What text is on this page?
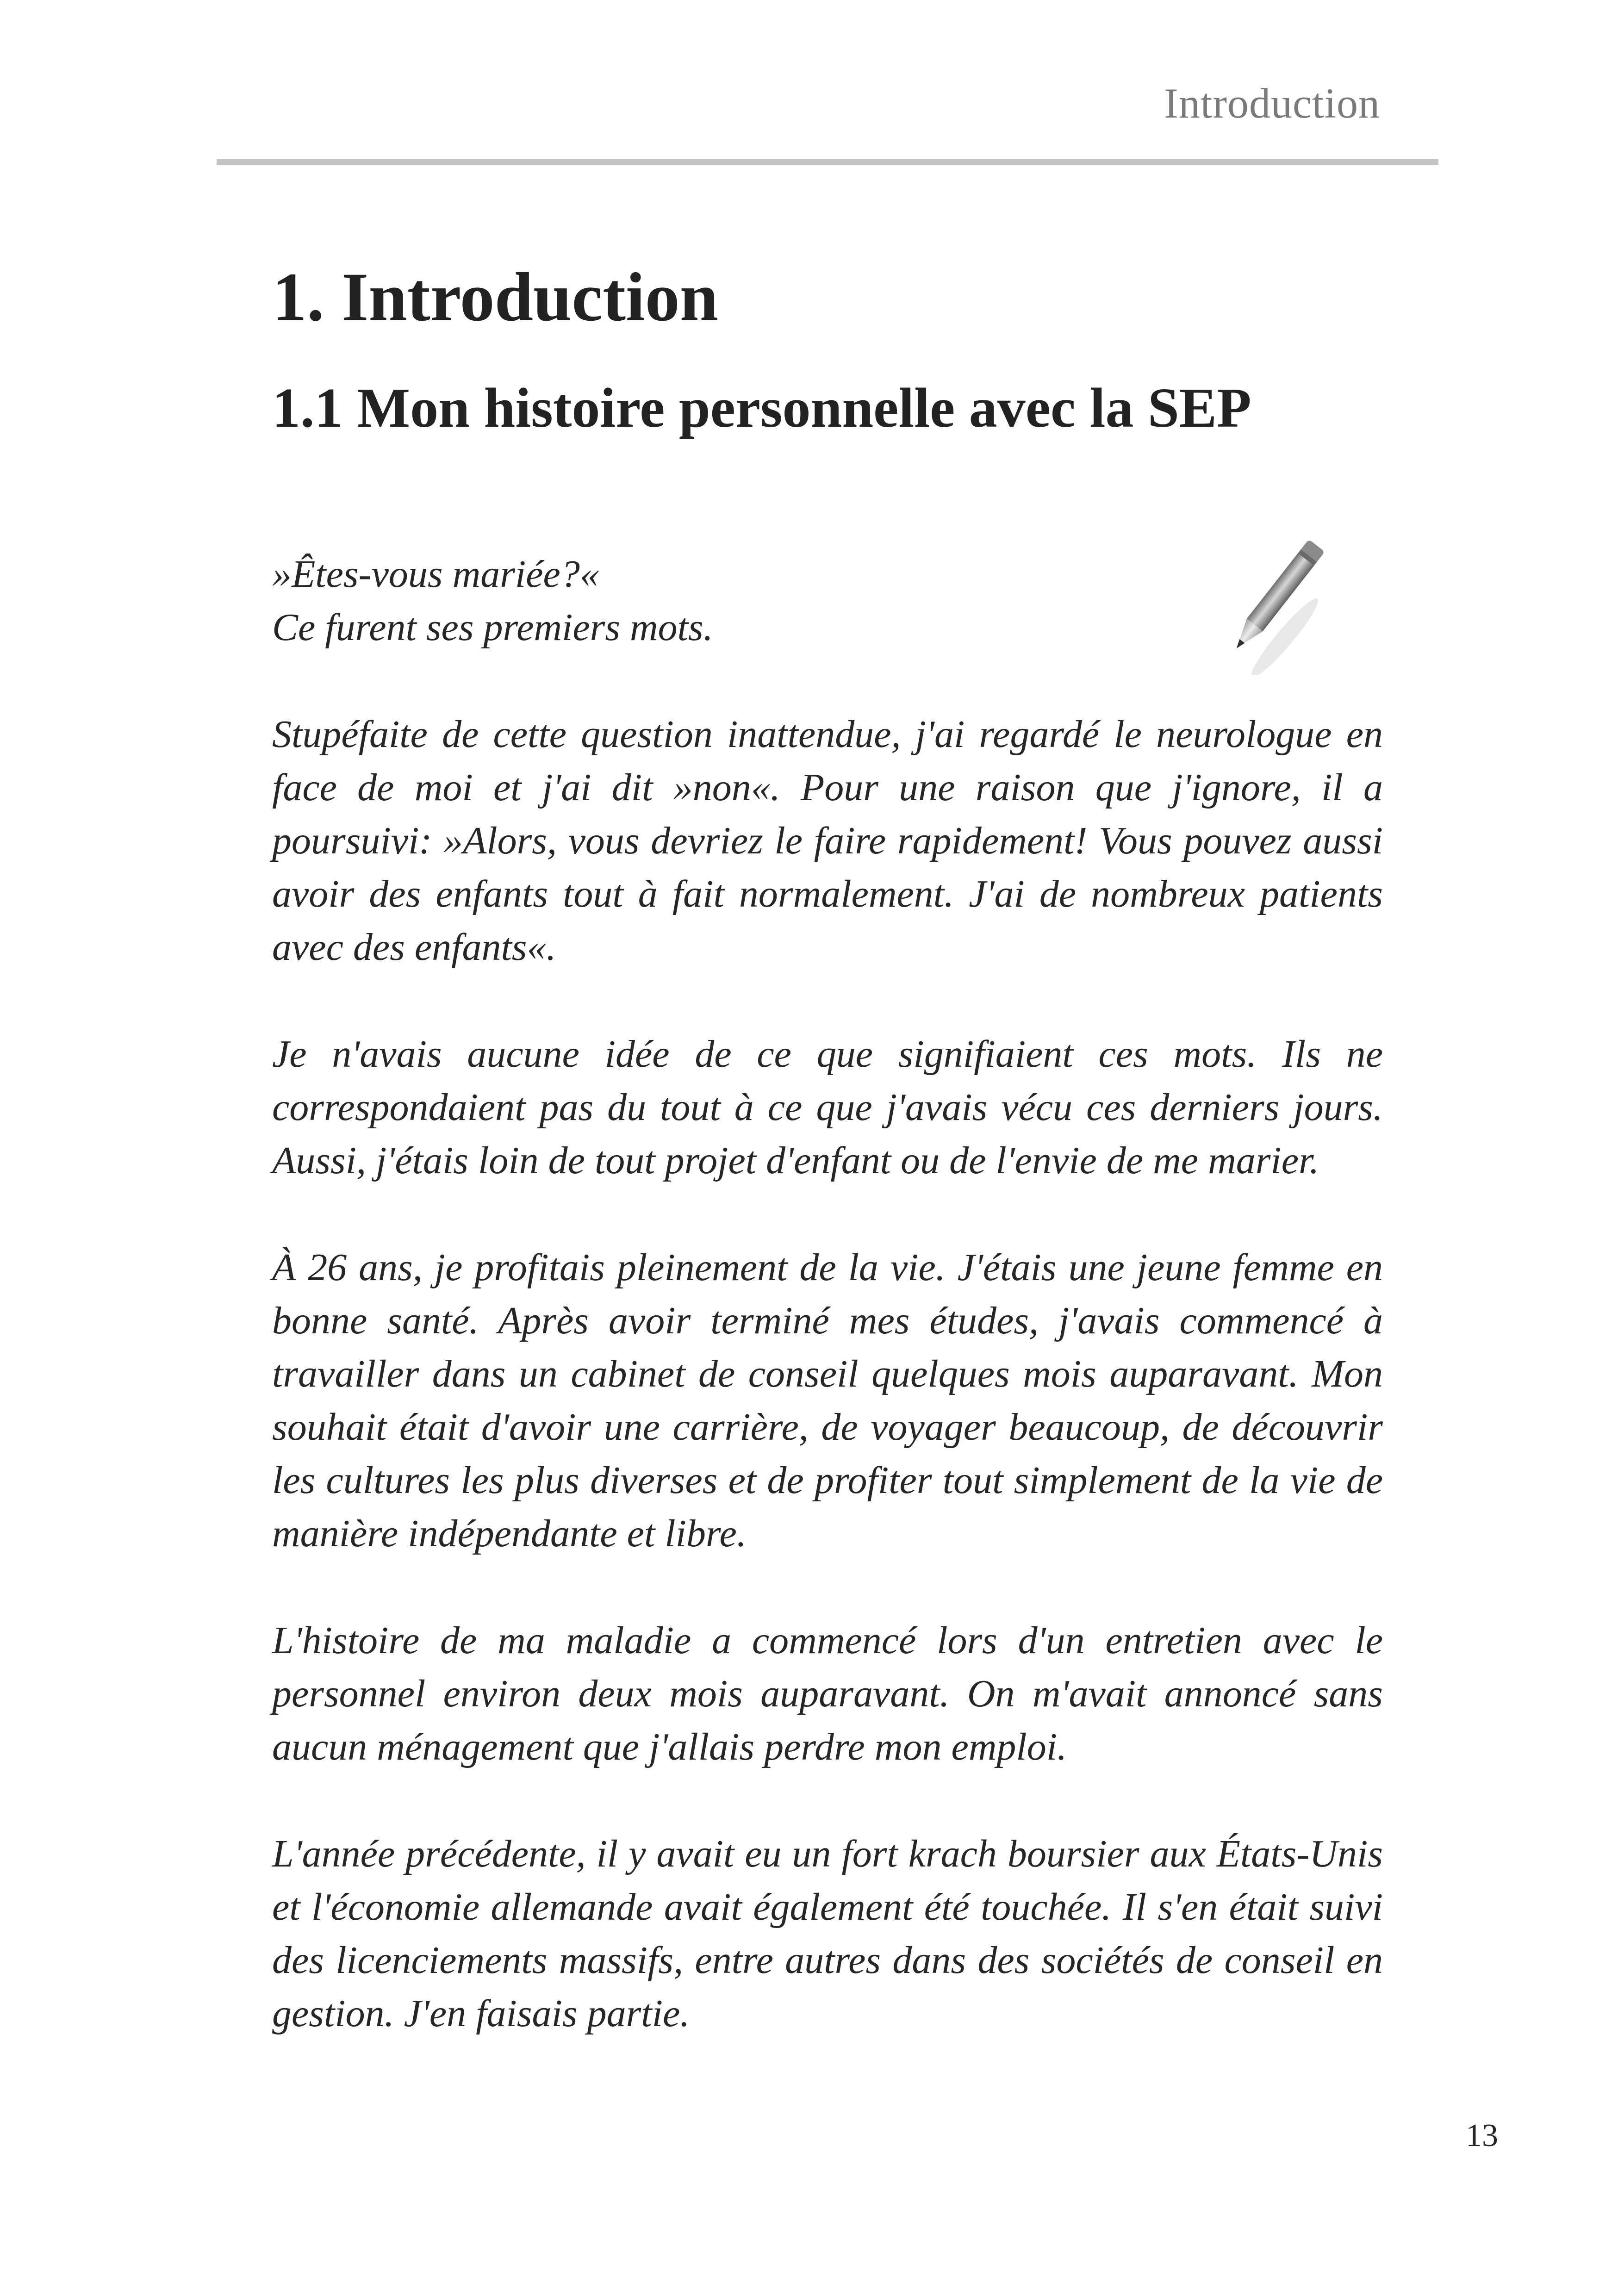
Introduction
1. Introduction
1.1 Mon histoire personnelle avec la SEP

»Êtes-vous mariée?«
Ce furent ses premiers mots.

Stupéfaite de cette question inattendue, j'ai regardé le neurologue en face de moi et j'ai dit »non«. Pour une raison que j'ignore, il a poursuivi: »Alors, vous devriez le faire rapidement! Vous pouvez aussi avoir des enfants tout à fait normalement. J'ai de nombreux patients avec des enfants«.

Je n'avais aucune idée de ce que signifiaient ces mots. Ils ne correspondaient pas du tout à ce que j'avais vécu ces derniers jours. Aussi, j'étais loin de tout projet d'enfant ou de l'envie de me marier.

À 26 ans, je profitais pleinement de la vie. J'étais une jeune femme en bonne santé. Après avoir terminé mes études, j'avais commencé à travailler dans un cabinet de conseil quelques mois auparavant. Mon souhait était d'avoir une carrière, de voyager beaucoup, de découvrir les cultures les plus diverses et de profiter tout simplement de la vie de manière indépendante et libre.

L'histoire de ma maladie a commencé lors d'un entretien avec le personnel environ deux mois auparavant. On m'avait annoncé sans aucun ménagement que j'allais perdre mon emploi.

L'année précédente, il y avait eu un fort krach boursier aux États-Unis et l'économie allemande avait également été touchée. Il s'en était suivi des licenciements massifs, entre autres dans des sociétés de conseil en gestion. J'en faisais partie.

13
